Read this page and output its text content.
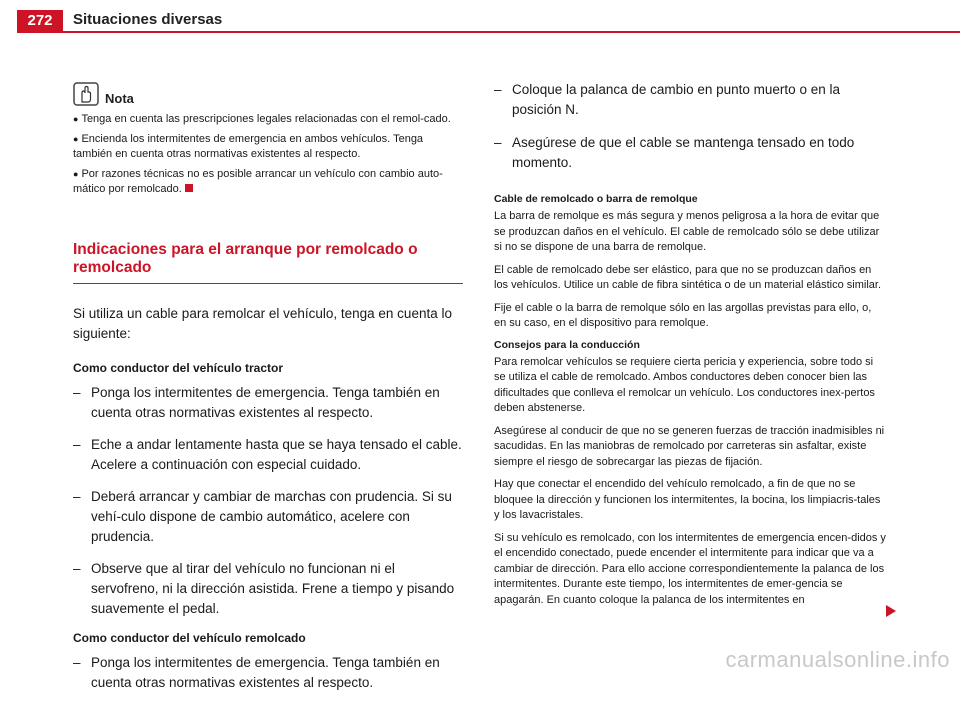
272	Situaciones diversas
Nota

● Tenga en cuenta las prescripciones legales relacionadas con el remol-cado.

● Encienda los intermitentes de emergencia en ambos vehículos. Tenga también en cuenta otras normativas existentes al respecto.

● Por razones técnicas no es posible arrancar un vehículo con cambio auto-mático por remolcado.

Indicaciones para el arranque por remolcado o remolcado

Si utiliza un cable para remolcar el vehículo, tenga en cuenta lo siguiente:

Como conductor del vehículo tractor

– Ponga los intermitentes de emergencia. Tenga también en cuenta otras normativas existentes al respecto.

– Eche a andar lentamente hasta que se haya tensado el cable. Acelere a continuación con especial cuidado.

– Deberá arrancar y cambiar de marchas con prudencia. Si su vehí-culo dispone de cambio automático, acelere con prudencia.

– Observe que al tirar del vehículo no funcionan ni el servofreno, ni la dirección asistida. Frene a tiempo y pisando suavemente el pedal.

Como conductor del vehículo remolcado

– Ponga los intermitentes de emergencia. Tenga también en cuenta otras normativas existentes al respecto.

– Coloque la palanca de cambio en punto muerto o en la posición N.

– Asegúrese de que el cable se mantenga tensado en todo momento.

Cable de remolcado o barra de remolque

La barra de remolque es más segura y menos peligrosa a la hora de evitar que se produzcan daños en el vehículo. El cable de remolcado sólo se debe utilizar si no se dispone de una barra de remolque.

El cable de remolcado debe ser elástico, para que no se produzcan daños en los vehículos. Utilice un cable de fibra sintética o de un material elástico similar.

Fije el cable o la barra de remolque sólo en las argollas previstas para ello, o, en su caso, en el dispositivo para remolque.

Consejos para la conducción

Para remolcar vehículos se requiere cierta pericia y experiencia, sobre todo si se utiliza el cable de remolcado. Ambos conductores deben conocer bien las dificultades que conlleva el remolcar un vehículo. Los conductores inex-pertos deben abstenerse.

Asegúrese al conducir de que no se generen fuerzas de tracción inadmisibles ni sacudidas. En las maniobras de remolcado por carreteras sin asfaltar, existe siempre el riesgo de sobrecargar las piezas de fijación.

Hay que conectar el encendido del vehículo remolcado, a fin de que no se bloquee la dirección y funcionen los intermitentes, la bocina, los limpiacris-tales y los lavacristales.

Si su vehículo es remolcado, con los intermitentes de emergencia encen-didos y el encendido conectado, puede encender el intermitente para indicar que va a cambiar de dirección. Para ello accione correspondientemente la palanca de los intermitentes. Durante este tiempo, los intermitentes de emer-gencia se apagarán. En cuanto coloque la palanca de los intermitentes en

carmanualsonline.info
